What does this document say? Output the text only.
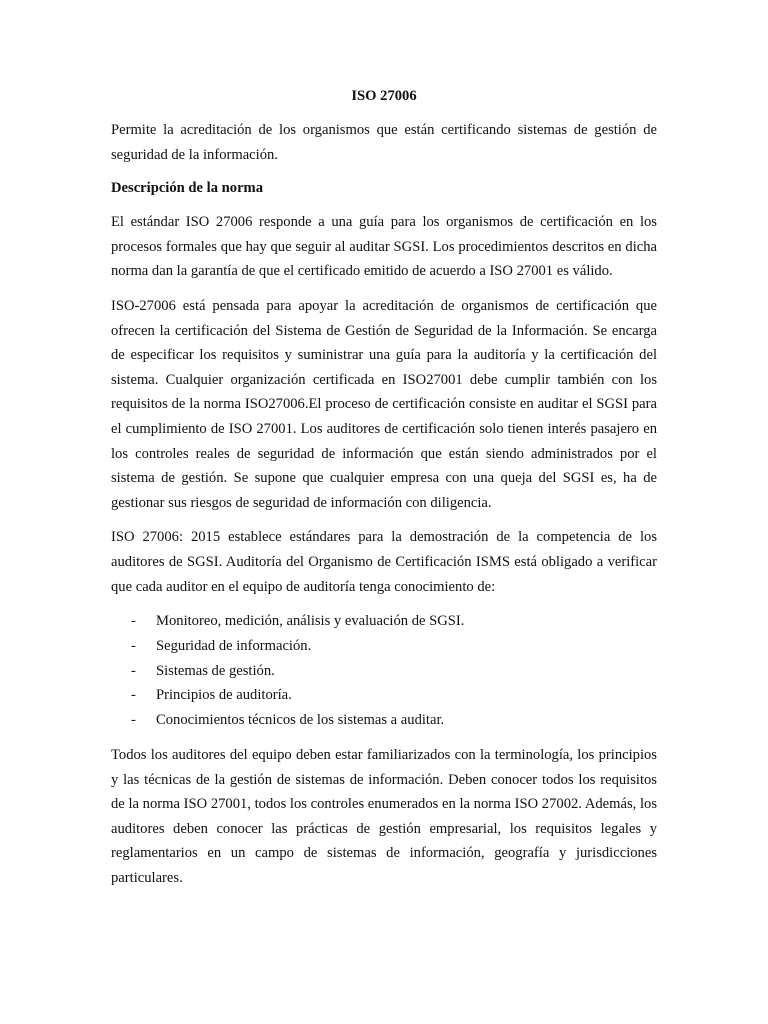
ISO 27006

Permite la acreditación de los organismos que están certificando sistemas de gestión de seguridad de la información.

Descripción de la norma

El estándar ISO 27006 responde a una guía para los organismos de certificación en los procesos formales que hay que seguir al auditar SGSI. Los procedimientos descritos en dicha norma dan la garantía de que el certificado emitido de acuerdo a ISO 27001 es válido.

ISO-27006 está pensada para apoyar la acreditación de organismos de certificación que ofrecen la certificación del Sistema de Gestión de Seguridad de la Información. Se encarga de especificar los requisitos y suministrar una guía para la auditoría y la certificación del sistema. Cualquier organización certificada en ISO27001 debe cumplir también con los requisitos de la norma ISO27006.El proceso de certificación consiste en auditar el SGSI para el cumplimiento de ISO 27001. Los auditores de certificación solo tienen interés pasajero en los controles reales de seguridad de información que están siendo administrados por el sistema de gestión. Se supone que cualquier empresa con una queja del SGSI es, ha de gestionar sus riesgos de seguridad de información con diligencia.

ISO 27006: 2015 establece estándares para la demostración de la competencia de los auditores de SGSI. Auditoría del Organismo de Certificación ISMS está obligado a verificar que cada auditor en el equipo de auditoría tenga conocimiento de:

-	Monitoreo, medición, análisis y evaluación de SGSI.
-	Seguridad de información.
-	Sistemas de gestión.
-	Principios de auditoría.
-	Conocimientos técnicos de los sistemas a auditar.

Todos los auditores del equipo deben estar familiarizados con la terminología, los principios y las técnicas de la gestión de sistemas de información. Deben conocer todos los requisitos de la norma ISO 27001, todos los controles enumerados en la norma ISO 27002. Además, los auditores deben conocer las prácticas de gestión empresarial, los requisitos legales y reglamentarios en un campo de sistemas de información, geografía y jurisdicciones particulares.
